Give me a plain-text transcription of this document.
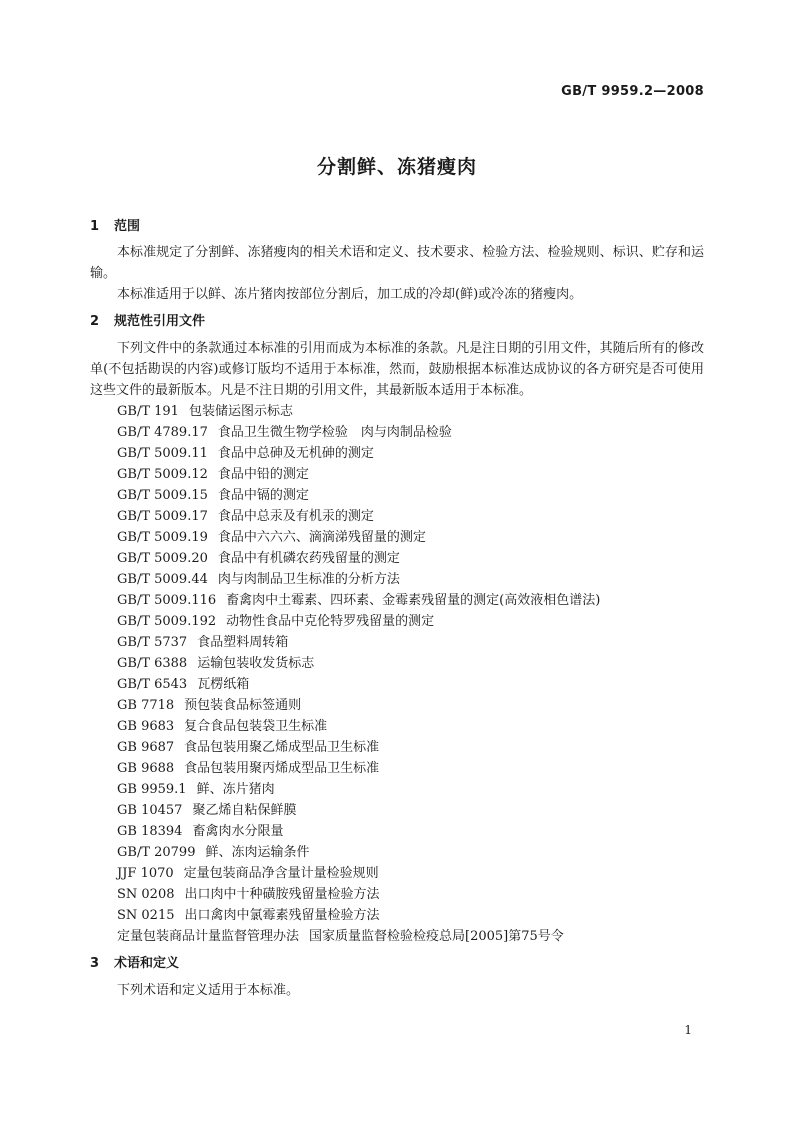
GB/T 9959.2—2008
分割鲜、冻猪瘦肉
1 范围
本标准规定了分割鲜、冻猪瘦肉的相关术语和定义、技术要求、检验方法、检验规则、标识、贮存和运输。
本标准适用于以鲜、冻片猪肉按部位分割后，加工成的冷却(鲜)或冷冻的猪瘦肉。
2 规范性引用文件
下列文件中的条款通过本标准的引用而成为本标准的条款。凡是注日期的引用文件，其随后所有的修改单(不包括勘误的内容)或修订版均不适用于本标准，然而，鼓励根据本标准达成协议的各方研究是否可使用这些文件的最新版本。凡是不注日期的引用文件，其最新版本适用于本标准。
GB/T 191 包装储运图示标志
GB/T 4789.17 食品卫生微生物学检验　肉与肉制品检验
GB/T 5009.11 食品中总砷及无机砷的测定
GB/T 5009.12 食品中铅的测定
GB/T 5009.15 食品中镉的测定
GB/T 5009.17 食品中总汞及有机汞的测定
GB/T 5009.19 食品中六六六、滴滴涕残留量的测定
GB/T 5009.20 食品中有机磷农药残留量的测定
GB/T 5009.44 肉与肉制品卫生标准的分析方法
GB/T 5009.116 畜禽肉中土霉素、四环素、金霉素残留量的测定(高效液相色谱法)
GB/T 5009.192 动物性食品中克伦特罗残留量的测定
GB/T 5737 食品塑料周转箱
GB/T 6388 运输包装收发货标志
GB/T 6543 瓦楞纸箱
GB 7718 预包装食品标签通则
GB 9683 复合食品包装袋卫生标准
GB 9687 食品包装用聚乙烯成型品卫生标准
GB 9688 食品包装用聚丙烯成型品卫生标准
GB 9959.1 鲜、冻片猪肉
GB 10457 聚乙烯自粘保鲜膜
GB 18394 畜禽肉水分限量
GB/T 20799 鲜、冻肉运输条件
JJF 1070 定量包装商品净含量计量检验规则
SN 0208 出口肉中十种磺胺残留量检验方法
SN 0215 出口禽肉中氯霉素残留量检验方法
定量包装商品计量监督管理办法 国家质量监督检验检疫总局[2005]第75号令
3 术语和定义
下列术语和定义适用于本标准。
1
